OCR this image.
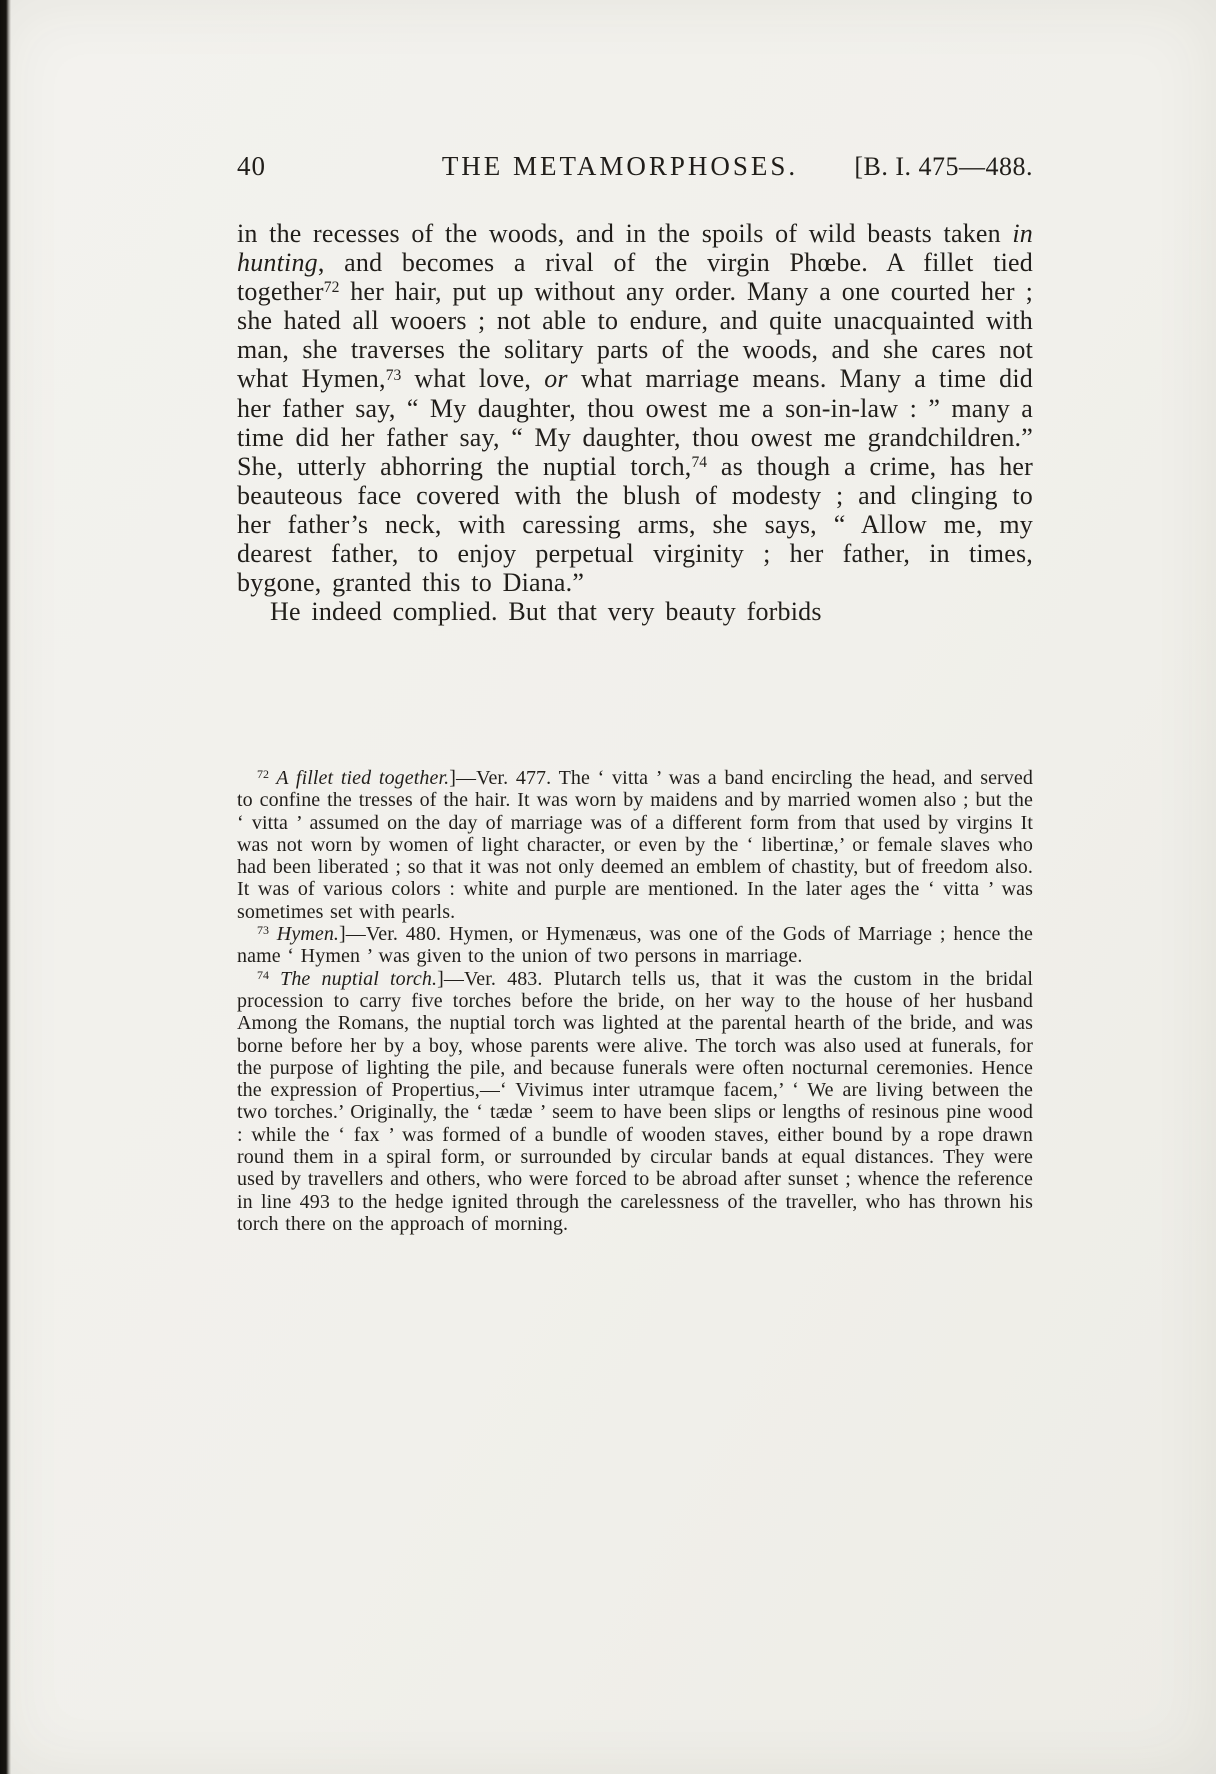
40	THE METAMORPHOSES.	[B. I. 475—488.

in the recesses of the woods, and in the spoils of wild beasts taken in hunting, and becomes a rival of the virgin Phœbe. A fillet tied together$^{72}$ her hair, put up without any order. Many a one courted her ; she hated all wooers ; not able to endure, and quite unacquainted with man, she traverses the solitary parts of the woods, and she cares not what Hymen,$^{73}$ what love, or what marriage means. Many a time did her father say, “ My daughter, thou owest me a son-in-law : ” many a time did her father say, “ My daughter, thou owest me grandchildren.” She, utterly abhorring the nuptial torch,$^{74}$ as though a crime, has her beauteous face covered with the blush of modesty ; and clinging to her father’s neck, with caressing arms, she says, “ Allow me, my dearest father, to enjoy perpetual virginity ; her father, in times, bygone, granted this to Diana.”

He indeed complied. But that very beauty forbids

$^{72}$ A fillet tied together.]—Ver. 477. The ‘ vitta ’ was a band encircling the head, and served to confine the tresses of the hair. It was worn by maidens and by married women also ; but the ‘ vitta ’ assumed on the day of marriage was of a different form from that used by virgins It was not worn by women of light character, or even by the ‘ libertinæ,’ or female slaves who had been liberated ; so that it was not only deemed an emblem of chastity, but of freedom also. It was of various colors : white and purple are mentioned. In the later ages the ‘ vitta ’ was sometimes set with pearls.

$^{73}$ Hymen.]—Ver. 480. Hymen, or Hymenæus, was one of the Gods of Marriage ; hence the name ‘ Hymen ’ was given to the union of two persons in marriage.

$^{74}$ The nuptial torch.]—Ver. 483. Plutarch tells us, that it was the custom in the bridal procession to carry five torches before the bride, on her way to the house of her husband Among the Romans, the nuptial torch was lighted at the parental hearth of the bride, and was borne before her by a boy, whose parents were alive. The torch was also used at funerals, for the purpose of lighting the pile, and because funerals were often nocturnal ceremonies. Hence the expression of Propertius,—‘ Vivimus inter utramque facem,’ ‘ We are living between the two torches.’ Originally, the ‘ tædæ ’ seem to have been slips or lengths of resinous pine wood : while the ‘ fax ’ was formed of a bundle of wooden staves, either bound by a rope drawn round them in a spiral form, or surrounded by circular bands at equal distances. They were used by travellers and others, who were forced to be abroad after sunset ; whence the reference in line 493 to the hedge ignited through the carelessness of the traveller, who has thrown his torch there on the approach of morning.
